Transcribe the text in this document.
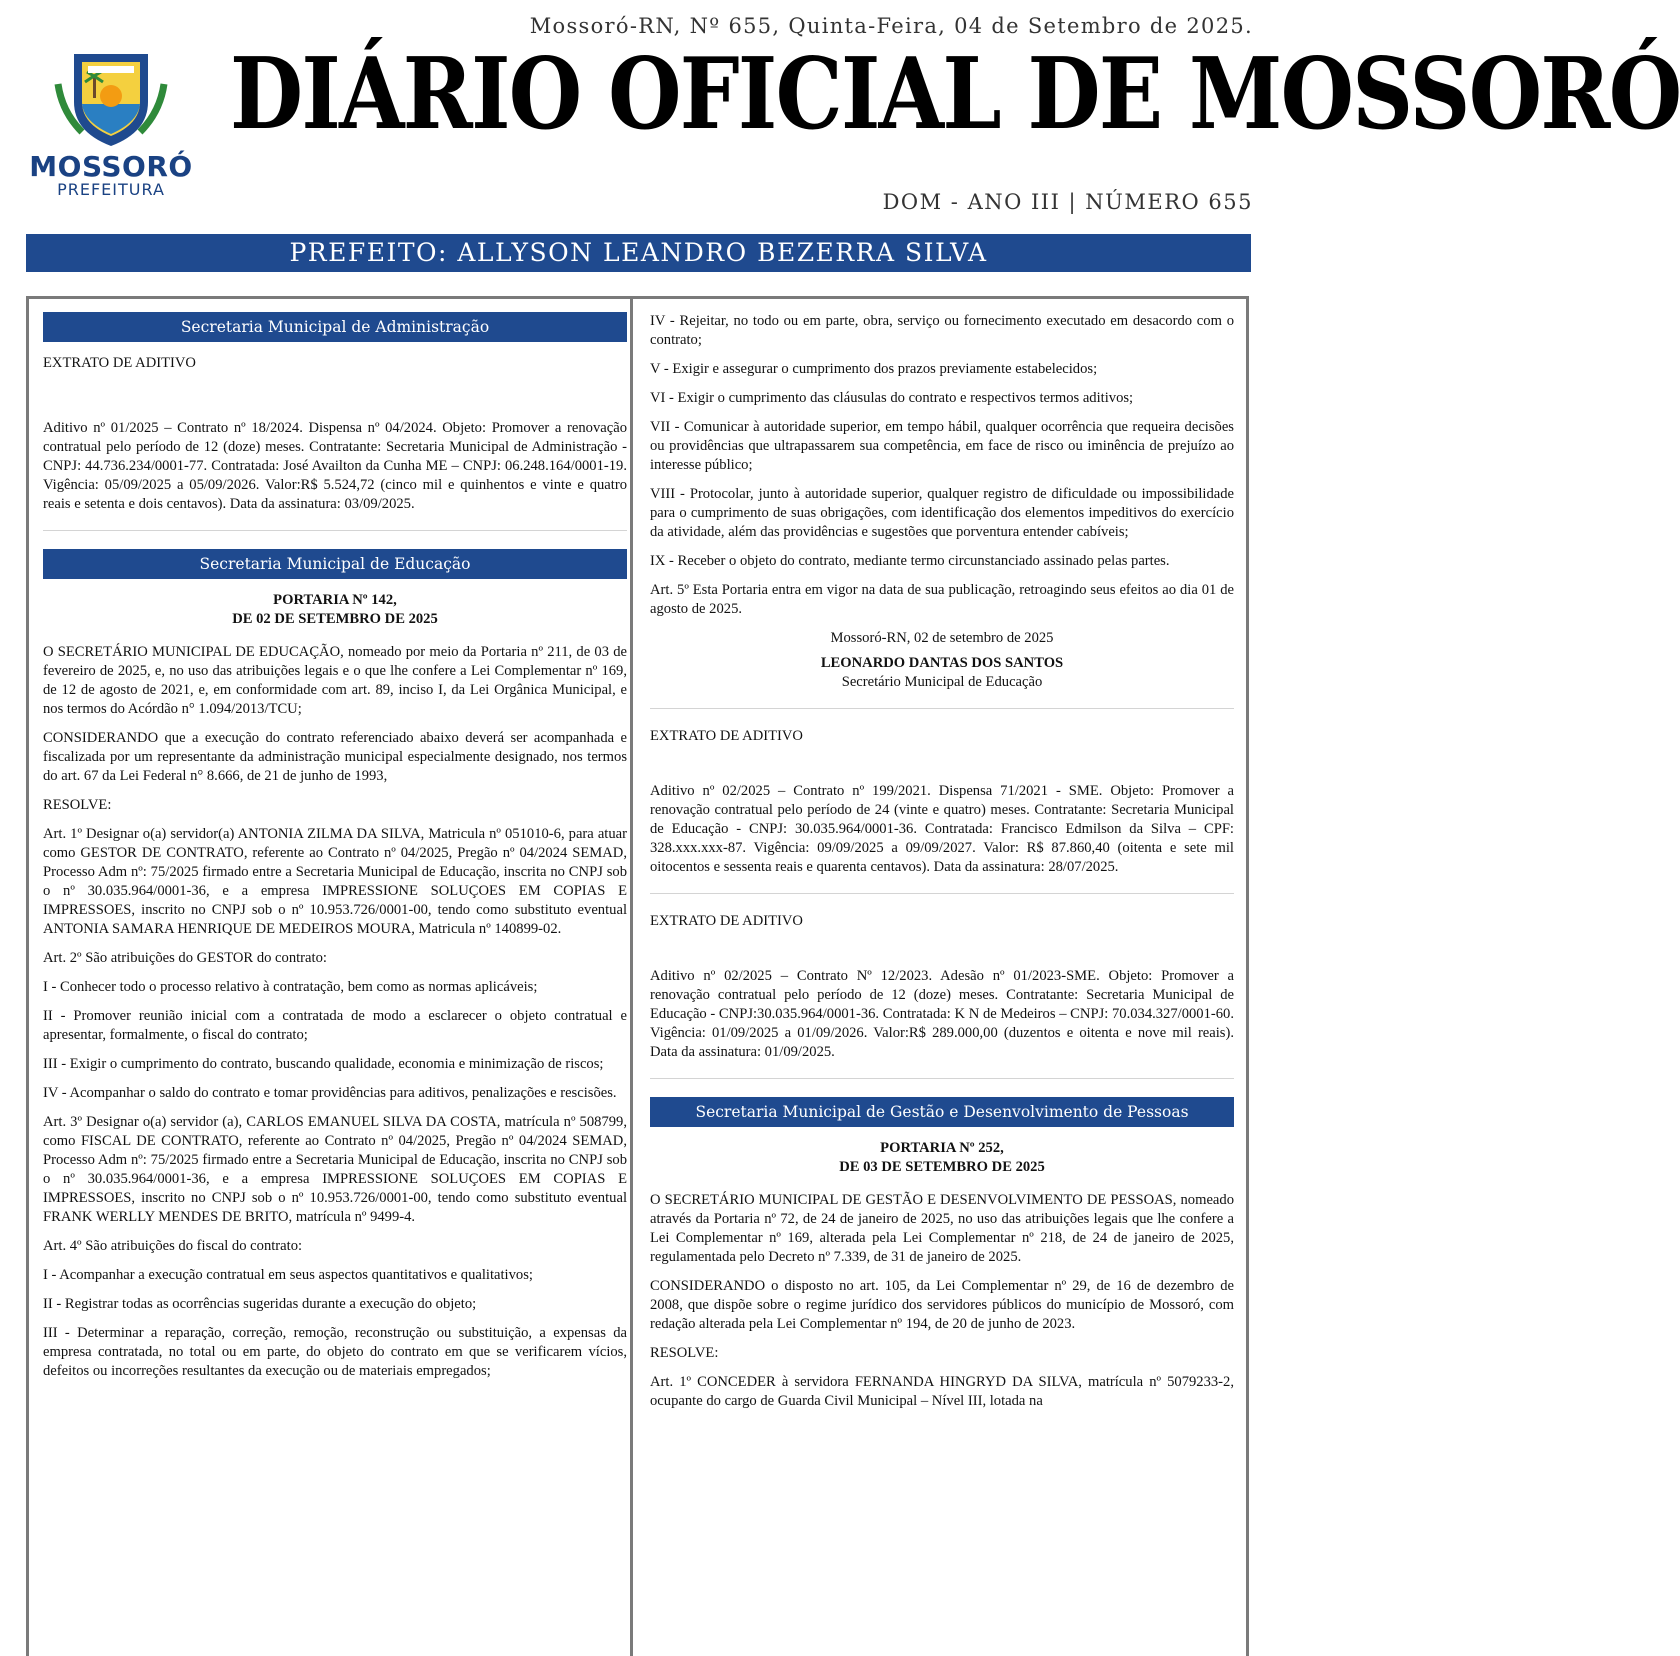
Mossoró-RN, Nº 655, Quinta-Feira, 04 de Setembro de 2025.
MOSSORÓ
PREFEITURA
DIÁRIO OFICIAL DE MOSSORÓ
DOM - ANO III | NÚMERO 655
PREFEITO: ALLYSON LEANDRO BEZERRA SILVA
Secretaria Municipal de Administração

EXTRATO DE ADITIVO

Aditivo nº 01/2025 – Contrato nº 18/2024. Dispensa nº 04/2024. Objeto: Promover a renovação contratual pelo período de 12 (doze) meses. Contratante: Secretaria Municipal de Administração - CNPJ: 44.736.234/0001-77. Contratada: José Availton da Cunha ME – CNPJ: 06.248.164/0001-19. Vigência: 05/09/2025 a 05/09/2026. Valor:R$ 5.524,72 (cinco mil e quinhentos e vinte e quatro reais e setenta e dois centavos). Data da assinatura: 03/09/2025.

Secretaria Municipal de Educação

PORTARIA Nº 142,

DE 02 DE SETEMBRO DE 2025

O SECRETÁRIO MUNICIPAL DE EDUCAÇÃO, nomeado por meio da Portaria nº 211, de 03 de fevereiro de 2025, e, no uso das atribuições legais e o que lhe confere a Lei Complementar nº 169, de 12 de agosto de 2021, e, em conformidade com art. 89, inciso I, da Lei Orgânica Municipal, e nos termos do Acórdão n° 1.094/2013/TCU;

CONSIDERANDO que a execução do contrato referenciado abaixo deverá ser acompanhada e fiscalizada por um representante da administração municipal especialmente designado, nos termos do art. 67 da Lei Federal n° 8.666, de 21 de junho de 1993,

RESOLVE:

Art. 1º Designar o(a) servidor(a) ANTONIA ZILMA DA SILVA, Matricula nº 051010-6, para atuar como GESTOR DE CONTRATO, referente ao Contrato nº 04/2025, Pregão nº 04/2024 SEMAD, Processo Adm nº: 75/2025 firmado entre a Secretaria Municipal de Educação, inscrita no CNPJ sob o nº 30.035.964/0001-36, e a empresa IMPRESSIONE SOLUÇOES EM COPIAS E IMPRESSOES, inscrito no CNPJ sob o nº 10.953.726/0001-00, tendo como substituto eventual ANTONIA SAMARA HENRIQUE DE MEDEIROS MOURA, Matricula nº 140899-02.

Art. 2º São atribuições do GESTOR do contrato:

I - Conhecer todo o processo relativo à contratação, bem como as normas aplicáveis;

II - Promover reunião inicial com a contratada de modo a esclarecer o objeto contratual e apresentar, formalmente, o fiscal do contrato;

III - Exigir o cumprimento do contrato, buscando qualidade, economia e minimização de riscos;

IV - Acompanhar o saldo do contrato e tomar providências para aditivos, penalizações e rescisões.

Art. 3º Designar o(a) servidor (a), CARLOS EMANUEL SILVA DA COSTA, matrícula nº 508799, como FISCAL DE CONTRATO, referente ao Contrato nº 04/2025, Pregão nº 04/2024 SEMAD, Processo Adm nº: 75/2025 firmado entre a Secretaria Municipal de Educação, inscrita no CNPJ sob o nº 30.035.964/0001-36, e a empresa IMPRESSIONE SOLUÇOES EM COPIAS E IMPRESSOES, inscrito no CNPJ sob o nº 10.953.726/0001-00, tendo como substituto eventual FRANK WERLLY MENDES DE BRITO, matrícula nº 9499-4.

Art. 4º São atribuições do fiscal do contrato:

I - Acompanhar a execução contratual em seus aspectos quantitativos e qualitativos;

II - Registrar todas as ocorrências sugeridas durante a execução do objeto;

III - Determinar a reparação, correção, remoção, reconstrução ou substituição, a expensas da empresa contratada, no total ou em parte, do objeto do contrato em que se verificarem vícios, defeitos ou incorreções resultantes da execução ou de materiais empregados;

IV - Rejeitar, no todo ou em parte, obra, serviço ou fornecimento executado em desacordo com o contrato;

V - Exigir e assegurar o cumprimento dos prazos previamente estabelecidos;

VI - Exigir o cumprimento das cláusulas do contrato e respectivos termos aditivos;

VII - Comunicar à autoridade superior, em tempo hábil, qualquer ocorrência que requeira decisões ou providências que ultrapassarem sua competência, em face de risco ou iminência de prejuízo ao interesse público;

VIII - Protocolar, junto à autoridade superior, qualquer registro de dificuldade ou impossibilidade para o cumprimento de suas obrigações, com identificação dos elementos impeditivos do exercício da atividade, além das providências e sugestões que porventura entender cabíveis;

IX - Receber o objeto do contrato, mediante termo circunstanciado assinado pelas partes.

Art. 5º Esta Portaria entra em vigor na data de sua publicação, retroagindo seus efeitos ao dia 01 de agosto de 2025.

Mossoró-RN, 02 de setembro de 2025

LEONARDO DANTAS DOS SANTOS

Secretário Municipal de Educação

EXTRATO DE ADITIVO

Aditivo nº 02/2025 – Contrato nº 199/2021. Dispensa 71/2021 - SME. Objeto: Promover a renovação contratual pelo período de 24 (vinte e quatro) meses. Contratante: Secretaria Municipal de Educação - CNPJ: 30.035.964/0001-36. Contratada: Francisco Edmilson da Silva – CPF: 328.xxx.xxx-87. Vigência: 09/09/2025 a 09/09/2027. Valor: R$ 87.860,40 (oitenta e sete mil oitocentos e sessenta reais e quarenta centavos). Data da assinatura: 28/07/2025.

EXTRATO DE ADITIVO

Aditivo nº 02/2025 – Contrato Nº 12/2023. Adesão nº 01/2023-SME. Objeto: Promover a renovação contratual pelo período de 12 (doze) meses. Contratante: Secretaria Municipal de Educação - CNPJ:30.035.964/0001-36. Contratada: K N de Medeiros – CNPJ: 70.034.327/0001-60. Vigência: 01/09/2025 a 01/09/2026. Valor:R$ 289.000,00 (duzentos e oitenta e nove mil reais). Data da assinatura: 01/09/2025.

Secretaria Municipal de Gestão e Desenvolvimento de Pessoas

PORTARIA Nº 252,

DE 03 DE SETEMBRO DE 2025

O SECRETÁRIO MUNICIPAL DE GESTÃO E DESENVOLVIMENTO DE PESSOAS, nomeado através da Portaria nº 72, de 24 de janeiro de 2025, no uso das atribuições legais que lhe confere a Lei Complementar nº 169, alterada pela Lei Complementar nº 218, de 24 de janeiro de 2025, regulamentada pelo Decreto nº 7.339, de 31 de janeiro de 2025.

CONSIDERANDO o disposto no art. 105, da Lei Complementar nº 29, de 16 de dezembro de 2008, que dispõe sobre o regime jurídico dos servidores públicos do município de Mossoró, com redação alterada pela Lei Complementar nº 194, de 20 de junho de 2023.

RESOLVE:

Art. 1º CONCEDER à servidora FERNANDA HINGRYD DA SILVA, matrícula nº 5079233-2, ocupante do cargo de Guarda Civil Municipal – Nível III, lotada na
